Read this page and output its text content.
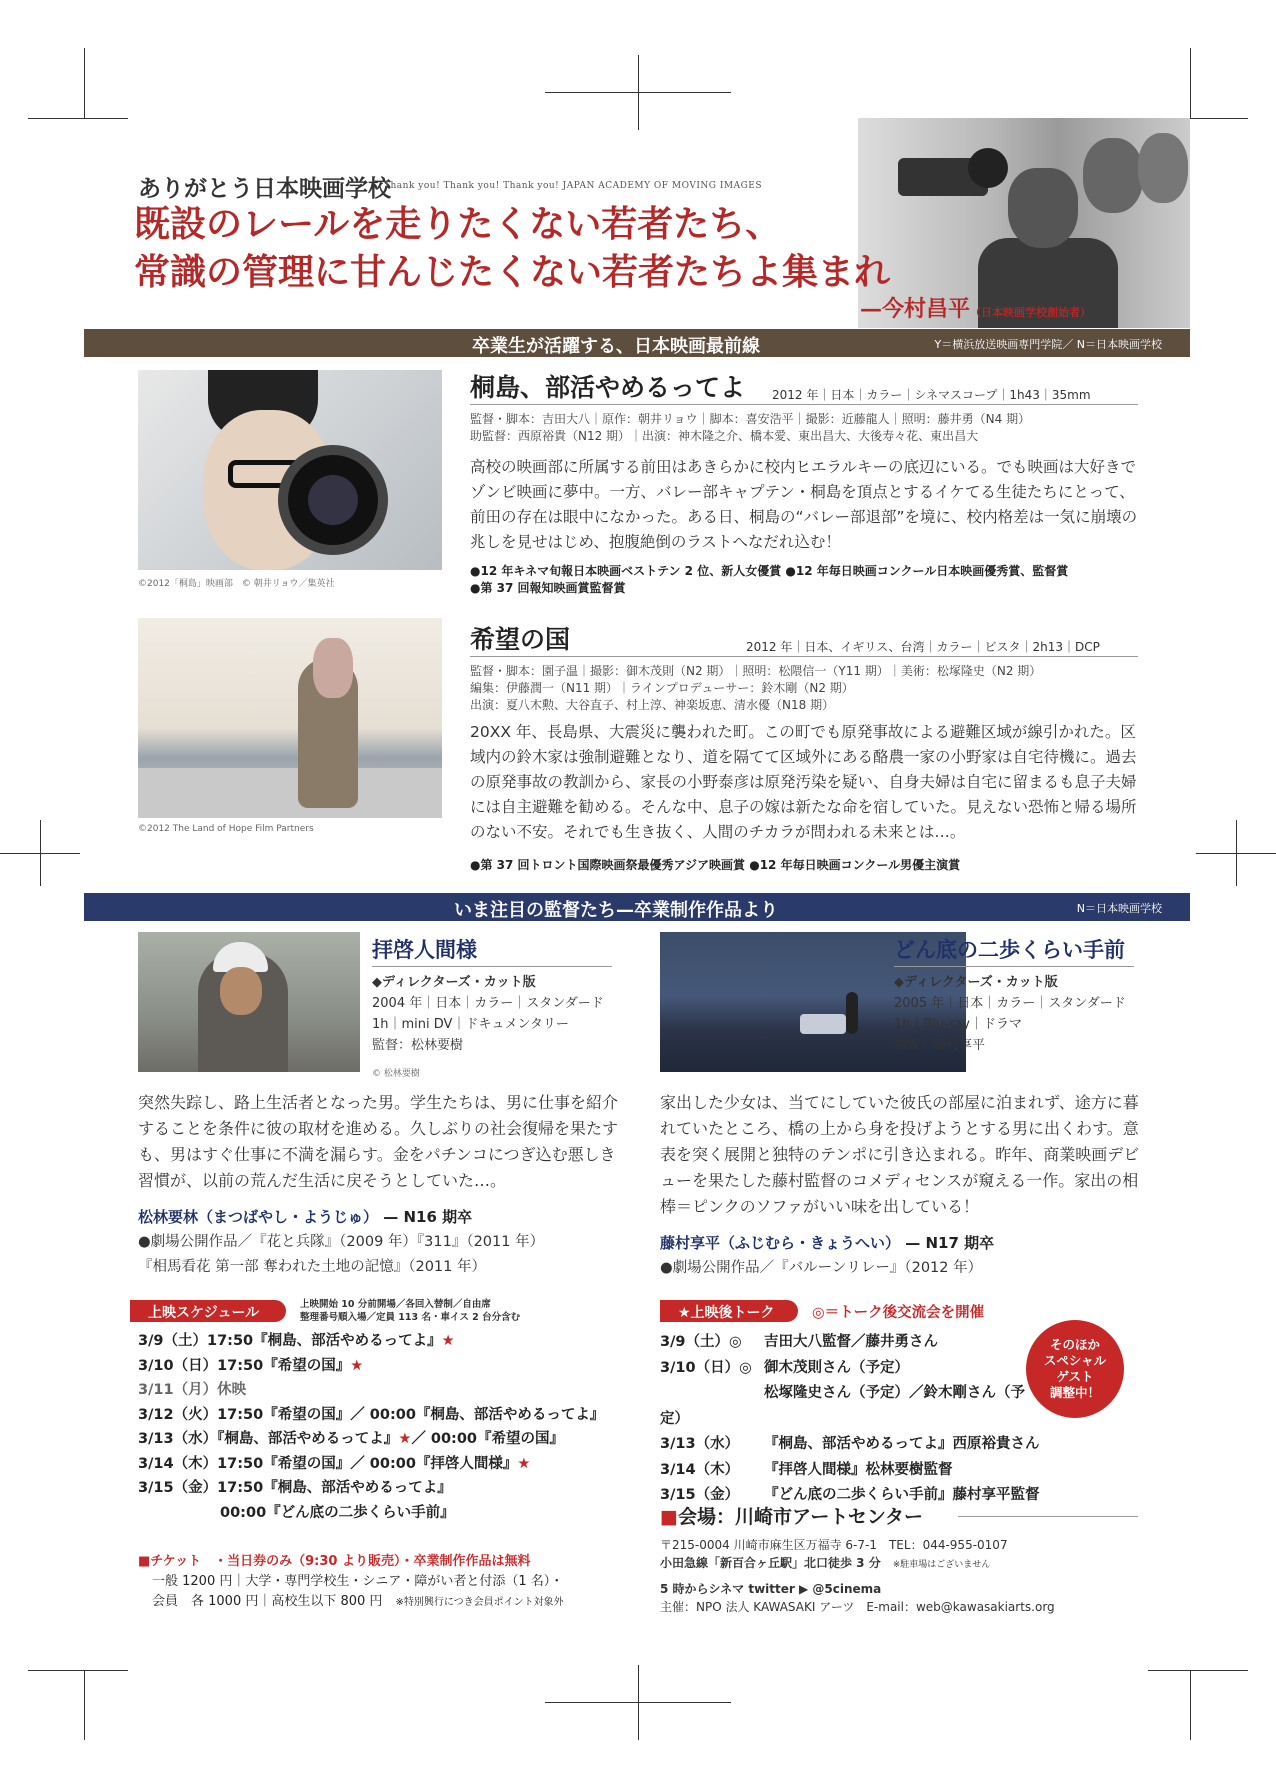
ありがとう日本映画学校
Thank you! Thank you! Thank you! JAPAN ACADEMY OF MOVING IMAGES
既設のレールを走りたくない若者たち、
常識の管理に甘んじたくない若者たちよ集まれ
—今村昌平（日本映画学校創始者）
卒業生が活躍する、日本映画最前線	Y＝横浜放送映画専門学院／ N＝日本映画学校
©2012「桐島」映画部　© 朝井リョウ／集英社
桐島、部活やめるってよ 2012 年｜日本｜カラー｜シネマスコープ｜1h43｜35mm
監督・脚本：吉田大八｜原作：朝井リョウ｜脚本：喜安浩平｜撮影：近藤龍人｜照明：藤井勇（N4 期）
助監督：西原裕貴（N12 期）｜出演：神木隆之介、橋本愛、東出昌大、大後寿々花、東出昌大
高校の映画部に所属する前田はあきらかに校内ヒエラルキーの底辺にいる。でも映画は大好きでゾンビ映画に夢中。一方、バレー部キャプテン・桐島を頂点とするイケてる生徒たちにとって、前田の存在は眼中になかった。ある日、桐島の“バレー部退部”を境に、校内格差は一気に崩壊の兆しを見せはじめ、抱腹絶倒のラストへなだれ込む！
●12 年キネマ旬報日本映画ベストテン 2 位、新人女優賞 ●12 年毎日映画コンクール日本映画優秀賞、監督賞
●第 37 回報知映画賞監督賞
©2012 The Land of Hope Film Partners
希望の国	2012 年｜日本、イギリス、台湾｜カラー｜ビスタ｜2h13｜DCP
監督・脚本：園子温｜撮影：御木茂則（N2 期）｜照明：松隈信一（Y11 期）｜美術：松塚隆史（N2 期）
編集：伊藤潤一（N11 期）｜ラインプロデューサー：鈴木剛（N2 期）
出演：夏八木勲、大谷直子、村上淳、神楽坂恵、清水優（N18 期）
20XX 年、長島県、大震災に襲われた町。この町でも原発事故による避難区域が線引かれた。区域内の鈴木家は強制避難となり、道を隔てて区域外にある酪農一家の小野家は自宅待機に。過去の原発事故の教訓から、家長の小野泰彦は原発汚染を疑い、自身夫婦は自宅に留まるも息子夫婦には自主避難を勧める。そんな中、息子の嫁は新たな命を宿していた。見えない恐怖と帰る場所のない不安。それでも生き抜く、人間のチカラが問われる未来とは…。
●第 37 回トロント国際映画祭最優秀アジア映画賞 ●12 年毎日映画コンクール男優主演賞
いま注目の監督たち—卒業制作作品より	N＝日本映画学校
拝啓人間様
◆ディレクターズ・カット版
2004 年｜日本｜カラー｜スタンダード
1h｜mini DV｜ドキュメンタリー
監督：松林要樹
© 松林要樹
突然失踪し、路上生活者となった男。学生たちは、男に仕事を紹介することを条件に彼の取材を進める。久しぶりの社会復帰を果たすも、男はすぐ仕事に不満を漏らす。金をパチンコにつぎ込む悪しき習慣が、以前の荒んだ生活に戻そうとしていた…。
松林要林（まつばやし・ようじゅ） — N16 期卒
●劇場公開作品／『花と兵隊』（2009 年）『311』（2011 年）
『相馬看花 第一部 奪われた土地の記憶』（2011 年）
どん底の二歩くらい手前
◆ディレクターズ・カット版
2005 年｜日本｜カラー｜スタンダード
1h｜Blu-ray｜ドラマ
監督：藤村享平
家出した少女は、当てにしていた彼氏の部屋に泊まれず、途方に暮れていたところ、橋の上から身を投げようとする男に出くわす。意表を突く展開と独特のテンポに引き込まれる。昨年、商業映画デビューを果たした藤村監督のコメディセンスが窺える一作。家出の相棒＝ピンクのソファがいい味を出している！
藤村享平（ふじむら・きょうへい） — N17 期卒
●劇場公開作品／『バルーンリレー』（2012 年）
上映スケジュール
上映開始 10 分前開場／各回入替制／自由席
整理番号順入場／定員 113 名・車イス 2 台分含む
3/9（土）17:50『桐島、部活やめるってよ』★
3/10（日）17:50『希望の国』★
3/11（月）休映
3/12（火）17:50『希望の国』／ 00:00『桐島、部活やめるってよ』
3/13（水）『桐島、部活やめるってよ』★／ 00:00『希望の国』
3/14（木）17:50『希望の国』／ 00:00『拝啓人間様』★
3/15（金）17:50『桐島、部活やめるってよ』
00:00『どん底の二歩くらい手前』
■チケット　 ・当日券のみ（9:30 より販売）・卒業制作作品は無料
一般 1200 円｜大学・専門学校生・シニア・障がい者と付添（1 名）・
会員　各 1000 円｜高校生以下 800 円　 ※特別興行につき会員ポイント対象外
★上映後トーク	◎＝トーク後交流会を開催
3/9（土）◎ 吉田大八監督／藤井勇さん
3/10（日）◎ 御木茂則さん（予定）
松塚隆史さん（予定）／鈴木剛さん（予定）
3/13（水） 『桐島、部活やめるってよ』西原裕貴さん
3/14（木） 『拝啓人間様』松林要樹監督
3/15（金） 『どん底の二歩くらい手前』藤村享平監督
そのほか
スペシャル
ゲスト
調整中！
■会場：川崎市アートセンター
〒215-0004 川崎市麻生区万福寺 6-7-1　TEL：044-955-0107
小田急線「新百合ヶ丘駅」北口徒歩 3 分　 ※駐車場はございません
5 時からシネマ twitter ▶ @5cinema
主催：NPO 法人 KAWASAKI アーツ　E-mail：web@kawasakiarts.org
